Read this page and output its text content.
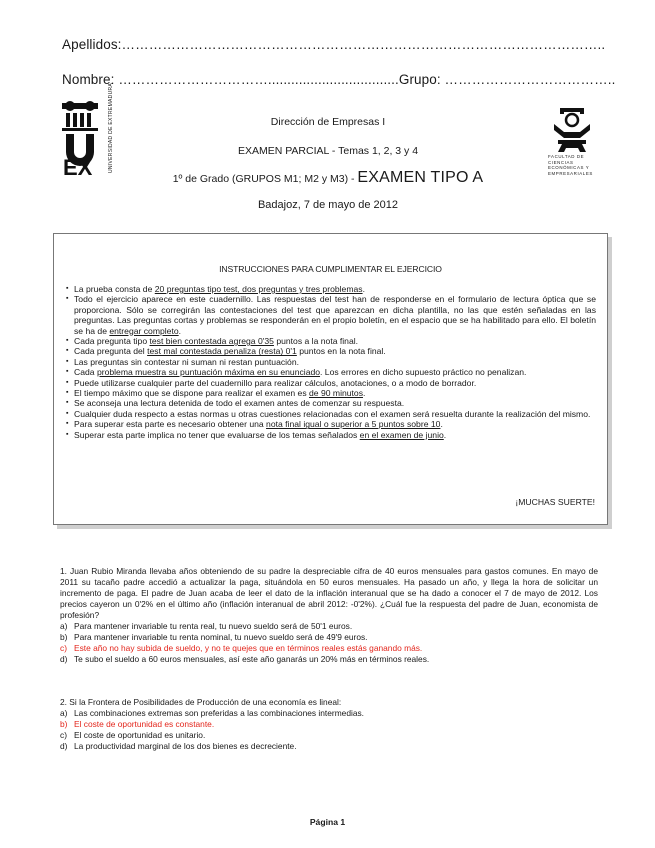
Apellidos:……………………………………………………………………………………………..
Nombre: ……………………………..................................Grupo: ………………………………..
EX	UNIVERSIDAD DE EXTREMADURA	FACULTAD DE CIENCIAS ECONÓMICAS Y EMPRESARIALES
Dirección de Empresas I
EXAMEN PARCIAL - Temas 1, 2, 3 y 4
1º de Grado (GRUPOS M1; M2 y M3) - EXAMEN TIPO A
Badajoz, 7 de mayo de 2012
INSTRUCCIONES PARA CUMPLIMENTAR EL EJERCICIO
▪ La prueba consta de 20 preguntas tipo test, dos preguntas y tres problemas.
▪ Todo el ejercicio aparece en este cuadernillo. Las respuestas del test han de responderse en el formulario de lectura óptica que se proporciona. Sólo se corregirán las contestaciones del test que aparezcan en dicha plantilla, no las que estén señaladas en las preguntas. Las preguntas cortas y problemas se responderán en el propio boletín, en el espacio que se ha habilitado para ello. El boletín se ha de entregar completo.
▪ Cada pregunta tipo test bien contestada agrega 0'35 puntos a la nota final.
▪ Cada pregunta del test mal contestada penaliza (resta) 0'1 puntos en la nota final.
▪ Las preguntas sin contestar ni suman ni restan puntuación.
▪ Cada problema muestra su puntuación máxima en su enunciado. Los errores en dicho supuesto práctico no penalizan.
▪ Puede utilizarse cualquier parte del cuadernillo para realizar cálculos, anotaciones, o a modo de borrador.
▪ El tiempo máximo que se dispone para realizar el examen es de 90 minutos.
▪ Se aconseja una lectura detenida de todo el examen antes de comenzar su respuesta.
▪ Cualquier duda respecto a estas normas u otras cuestiones relacionadas con el examen será resuelta durante la realización del mismo.
▪ Para superar esta parte es necesario obtener una nota final igual o superior a 5 puntos sobre 10.
▪ Superar esta parte implica no tener que evaluarse de los temas señalados en el examen de junio.
¡MUCHAS SUERTE!

1. Juan Rubio Miranda llevaba años obteniendo de su padre la despreciable cifra de 40 euros mensuales para gastos comunes. En mayo de 2011 su tacaño padre accedió a actualizar la paga, situándola en 50 euros mensuales. Ha pasado un año, y llega la hora de solicitar un incremento de paga. El padre de Juan acaba de leer el dato de la inflación interanual que se ha dado a conocer el 7 de mayo de 2012. Los precios cayeron un 0'2% en el último año (inflación interanual de abril 2012: -0'2%). ¿Cuál fue la respuesta del padre de Juan, economista de profesión?

a) Para mantener invariable tu renta real, tu nuevo sueldo será de 50'1 euros.
b) Para mantener invariable tu renta nominal, tu nuevo sueldo será de 49'9 euros.
c) Este año no hay subida de sueldo, y no te quejes que en términos reales estás ganando más.
d) Te subo el sueldo a 60 euros mensuales, así este año ganarás un 20% más en términos reales.

2. Si la Frontera de Posibilidades de Producción de una economía es lineal:

a) Las combinaciones extremas son preferidas a las combinaciones intermedias.
b) El coste de oportunidad es constante.
c) El coste de oportunidad es unitario.
d) La productividad marginal de los dos bienes es decreciente.
Página 1
